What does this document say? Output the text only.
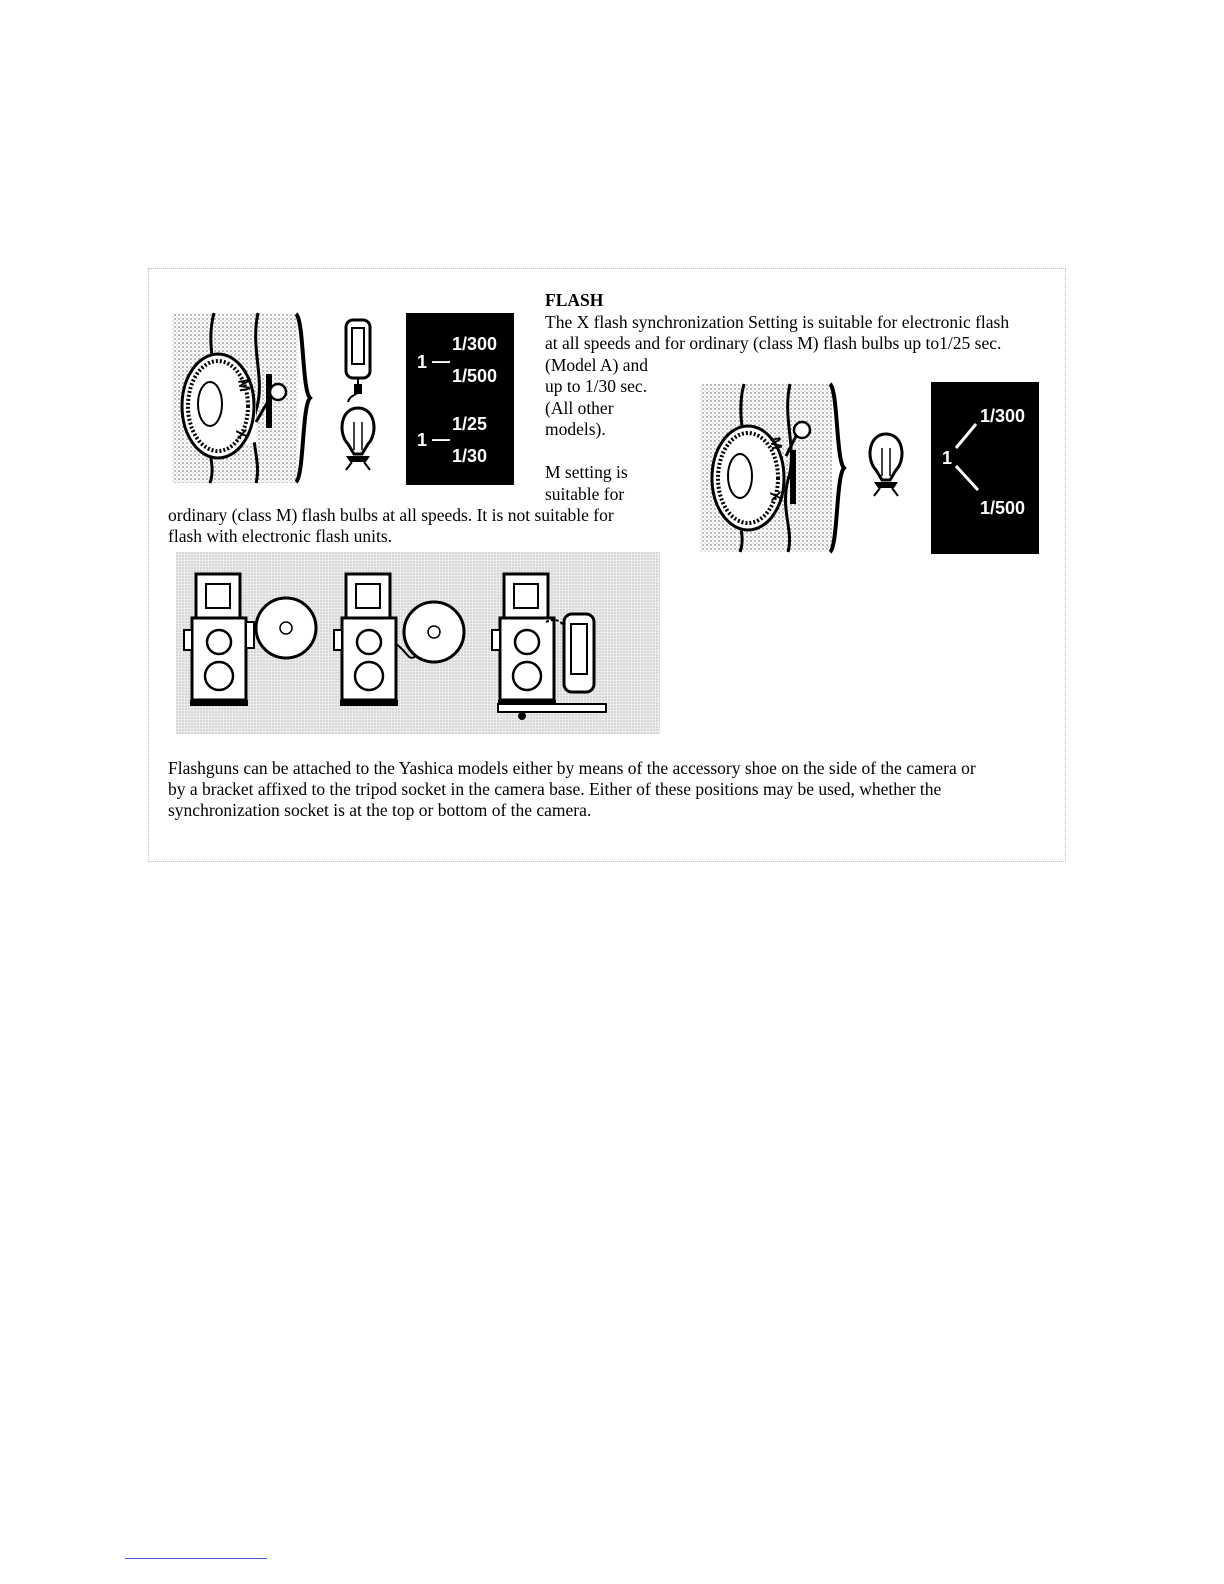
FLASH
The X flash synchronization Setting is suitable for electronic flash
at all speeds and for ordinary (class M) flash bulbs up to1/25 sec.
(Model A) and
up to 1/30 sec.
(All other
models).
M setting is
suitable for
ordinary (class M) flash bulbs at all speeds. It is not suitable for
flash with electronic flash units.
Flashguns can be attached to the Yashica models either by means of the accessory shoe on the side of the camera or
by a bracket affixed to the tripod socket in the camera base. Either of these positions may be used, whether the
synchronization socket is at the top or bottom of the camera.
M
X
1 —
1/300
1/500
1 —
1/25
1/30
M
X
1
1/300
1/500
